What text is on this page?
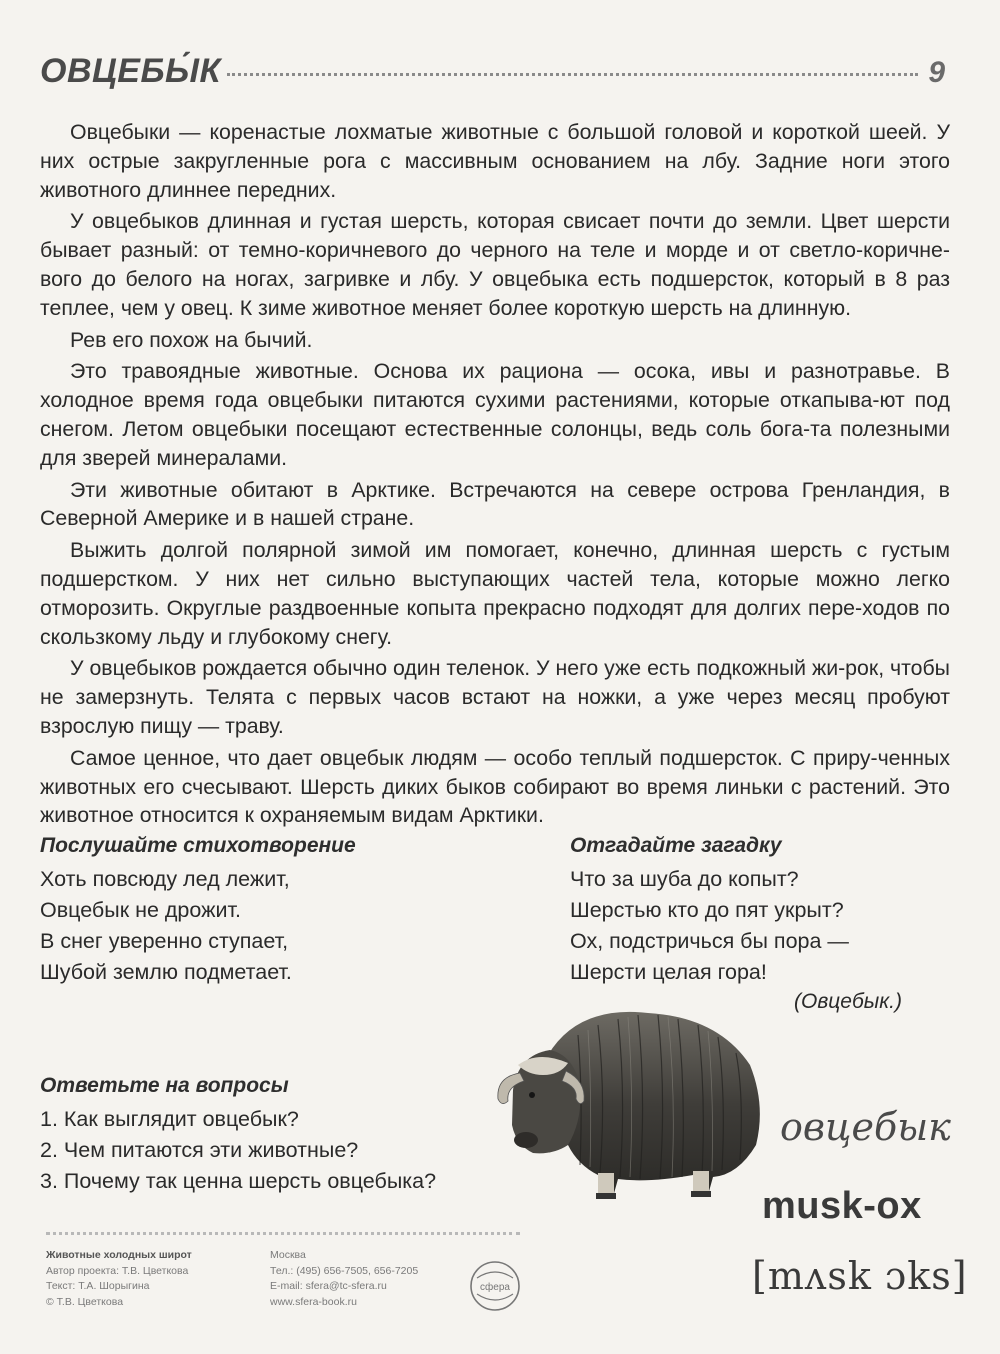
ОВЦЕБЫ́К	9

Овцебыки — коренастые лохматые животные с большой головой и короткой шеей. У них острые закругленные рога с массивным основанием на лбу. Задние ноги этого животного длиннее передних.

У овцебыков длинная и густая шерсть, которая свисает почти до земли. Цвет шерсти бывает разный: от темно-коричневого до черного на теле и морде и от светло-коричне-вого до белого на ногах, загривке и лбу. У овцебыка есть подшерсток, который в 8 раз теплее, чем у овец. К зиме животное меняет более короткую шерсть на длинную.

Рев его похож на бычий.

Это травоядные животные. Основа их рациона — осока, ивы и разнотравье. В холодное время года овцебыки питаются сухими растениями, которые откапыва-ют под снегом. Летом овцебыки посещают естественные солонцы, ведь соль бога-та полезными для зверей минералами.

Эти животные обитают в Арктике. Встречаются на севере острова Гренландия, в Северной Америке и в нашей стране.

Выжить долгой полярной зимой им помогает, конечно, длинная шерсть с густым подшерстком. У них нет сильно выступающих частей тела, которые можно легко отморозить. Округлые раздвоенные копыта прекрасно подходят для долгих пере-ходов по скользкому льду и глубокому снегу.

У овцебыков рождается обычно один теленок. У него уже есть подкожный жи-рок, чтобы не замерзнуть. Телята с первых часов встают на ножки, а уже через месяц пробуют взрослую пищу — траву.

Самое ценное, что дает овцебык людям — особо теплый подшерсток. С приру-ченных животных его счесывают. Шерсть диких быков собирают во время линьки с растений. Это животное относится к охраняемым видам Арктики.

Послушайте стихотворение
Хоть повсюду лед лежит,
Овцебык не дрожит.
В снег уверенно ступает,
Шубой землю подметает.
Отгадайте загадку
Что за шуба до копыт?
Шерстью кто до пят укрыт?
Ох, подстричься бы пора —
Шерсти целая гора!
(Овцебык.)
Ответьте на вопросы
1. Как выглядит овцебык?
2. Чем питаются эти животные?
3. Почему так ценна шерсть овцебыка?
овцебык
musk-ox
[mʌsk ɔks]
Животные холодных широт
Автор проекта: Т.В. Цветкова
Текст: Т.А. Шорыгина
© Т.В. Цветкова
Москва
Тел.: (495) 656-7505, 656-7205
E-mail: sfera@tc-sfera.ru
www.sfera-book.ru
сфера
